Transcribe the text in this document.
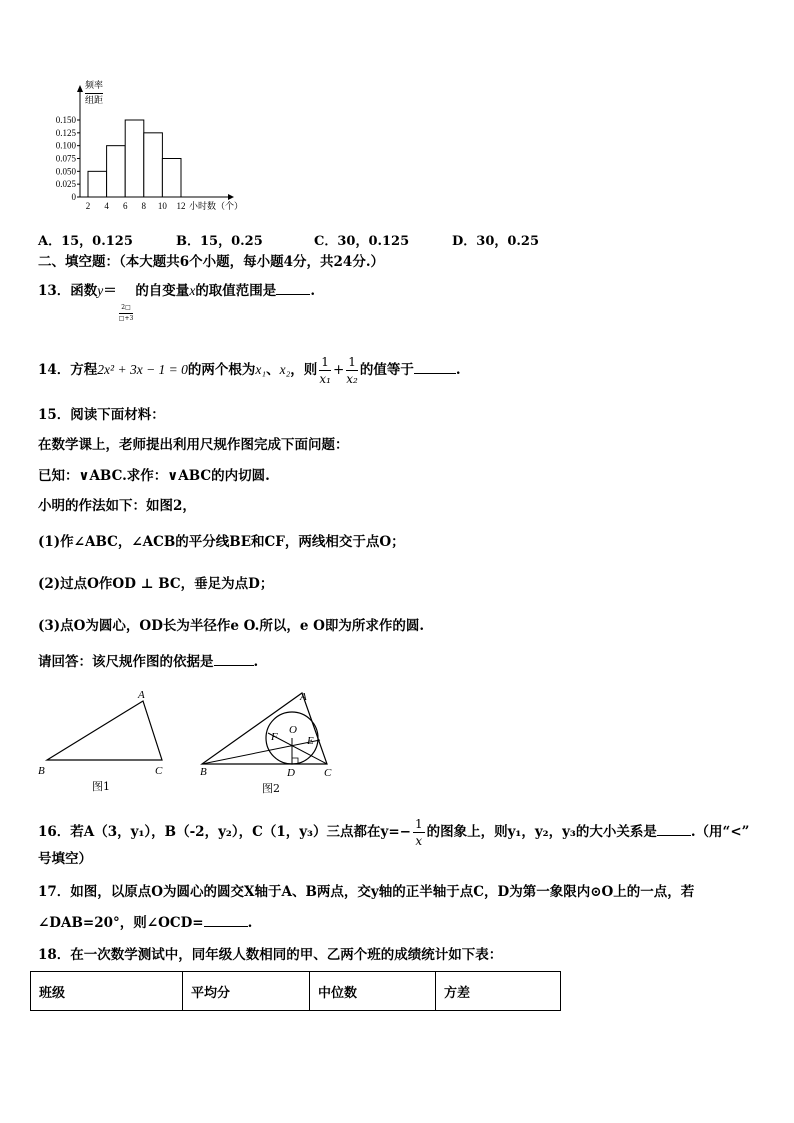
0
0.025
0.050
0.075
0.100
0.125
0.150
2 4 6 8 10 12 小时数（个）
频率
组距
A．15，0.125	B．15，0.25	C．30，0.125	D．30，0.25
二、填空题：（本大题共6个小题，每小题4分，共24分.）
13．函数y＝
$\frac{2□}{□+3}$
的自变量x的取值范围是	.
14．方程2x² + 3x − 1 = 0的两个根为x₁、x₂，则 $\frac{1}{\text{x₁}} + \frac{1}{\text{x₂}}$ 的值等于	.
15．阅读下面材料：
在数学课上，老师提出利用尺规作图完成下面问题：
已知：∨ABC.求作：∨ABC的内切圆.
小明的作法如下：如图2，
(1)作∠ABC，∠ACB的平分线BE和CF，两线相交于点O；
(2)过点O作OD ⊥ BC，垂足为点D；
(3)点O为圆心，OD长为半径作e O.所以，e O即为所求作的圆.
请回答：该尺规作图的依据是	.
A
B	C
图1
A
B	C
D
E
F
O
图2
16．若A（3，y₁），B（-2，y₂），C（1，y₃）三点都在$y=- \frac{1}{x}$ 的图象上，则y₁，y₂，y₃的大小关系是	.（用“<”
号填空）
17．如图，以原点O为圆心的圆交X轴于A、B两点，交y轴的正半轴于点C，D为第一象限内⊙O上的一点，若
∠DAB=20°，则∠OCD=	.
18．在一次数学测试中，同年级人数相同的甲、乙两个班的成绩统计如下表：
班级	平均分	中位数	方差
